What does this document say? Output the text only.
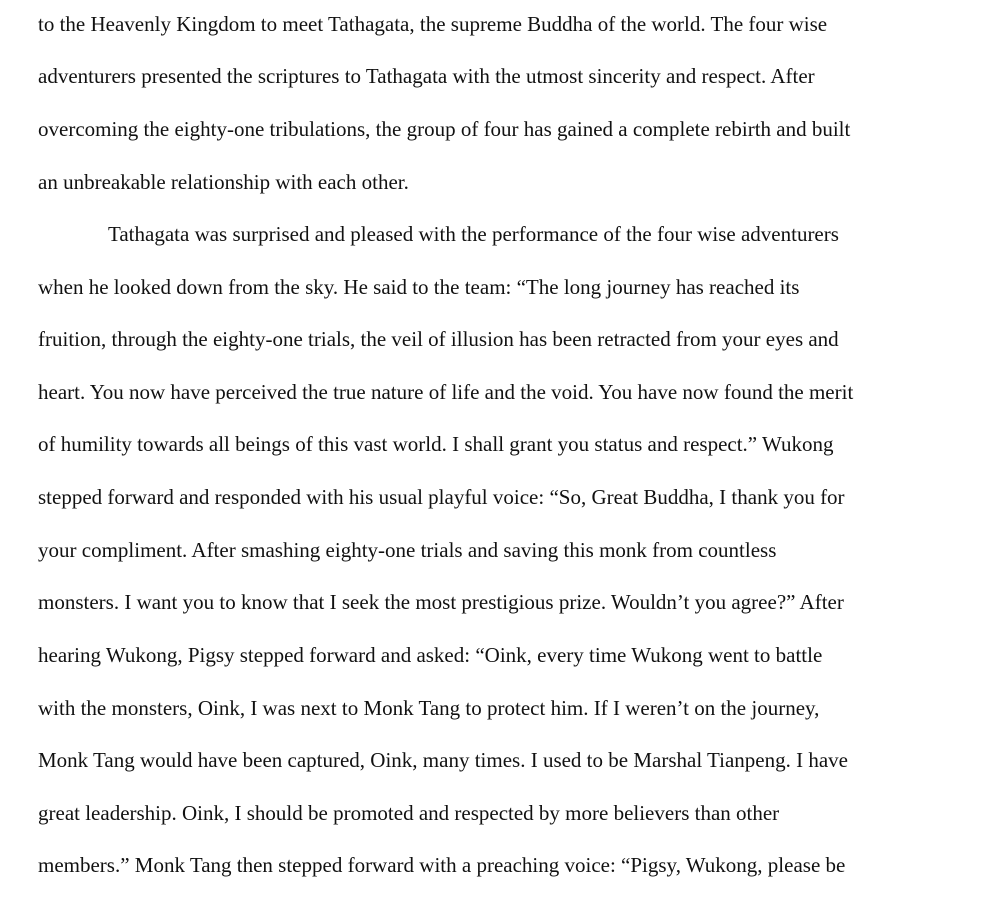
to the Heavenly Kingdom to meet Tathagata, the supreme Buddha of the world. The four wise
adventurers presented the scriptures to Tathagata with the utmost sincerity and respect. After
overcoming the eighty-one tribulations, the group of four has gained a complete rebirth and built
an unbreakable relationship with each other.
Tathagata was surprised and pleased with the performance of the four wise adventurers
when he looked down from the sky. He said to the team: “The long journey has reached its
fruition, through the eighty-one trials, the veil of illusion has been retracted from your eyes and
heart. You now have perceived the true nature of life and the void. You have now found the merit
of humility towards all beings of this vast world. I shall grant you status and respect.” Wukong
stepped forward and responded with his usual playful voice: “So, Great Buddha, I thank you for
your compliment. After smashing eighty-one trials and saving this monk from countless
monsters. I want you to know that I seek the most prestigious prize. Wouldn’t you agree?” After
hearing Wukong, Pigsy stepped forward and asked: “Oink, every time Wukong went to battle
with the monsters, Oink, I was next to Monk Tang to protect him. If I weren’t on the journey,
Monk Tang would have been captured, Oink, many times. I used to be Marshal Tianpeng. I have
great leadership. Oink, I should be promoted and respected by more believers than other
members.” Monk Tang then stepped forward with a preaching voice: “Pigsy, Wukong, please be
